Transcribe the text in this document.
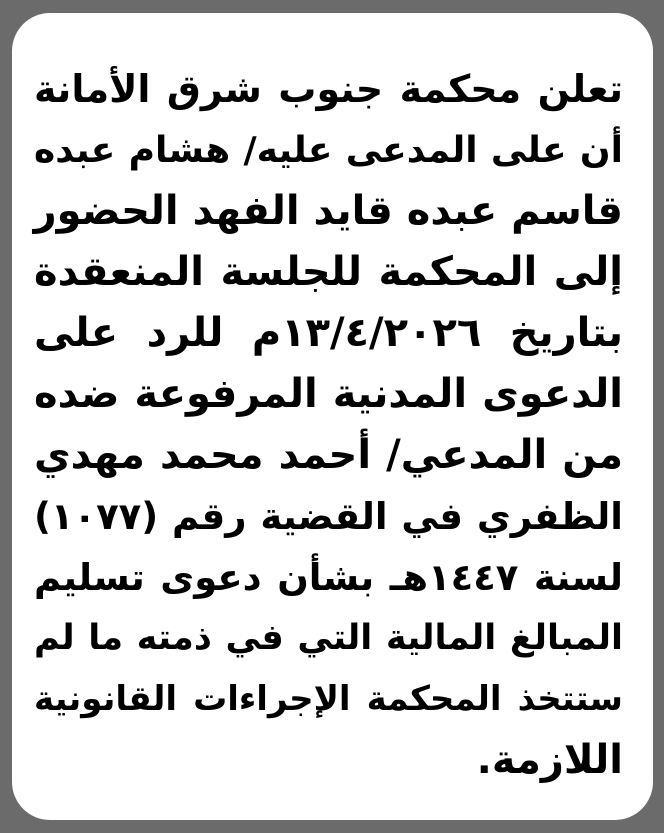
تعلن محكمة جنوب شرق الأمانة
أن على المدعى عليه/ هشام عبده
قاسم عبده قايد الفهد الحضور
إلى المحكمة للجلسة المنعقدة
بتاريخ ١٣/٤/٢٠٢٦م للرد على
الدعوى المدنية المرفوعة ضده
من المدعي/ أحمد محمد مهدي
الظفري في القضية رقم (١٠٧٧)
لسنة ١٤٤٧هـ بشأن دعوى تسليم
المبالغ المالية التي في ذمته ما لم
ستتخذ المحكمة الإجراءات القانونية
اللازمة.
